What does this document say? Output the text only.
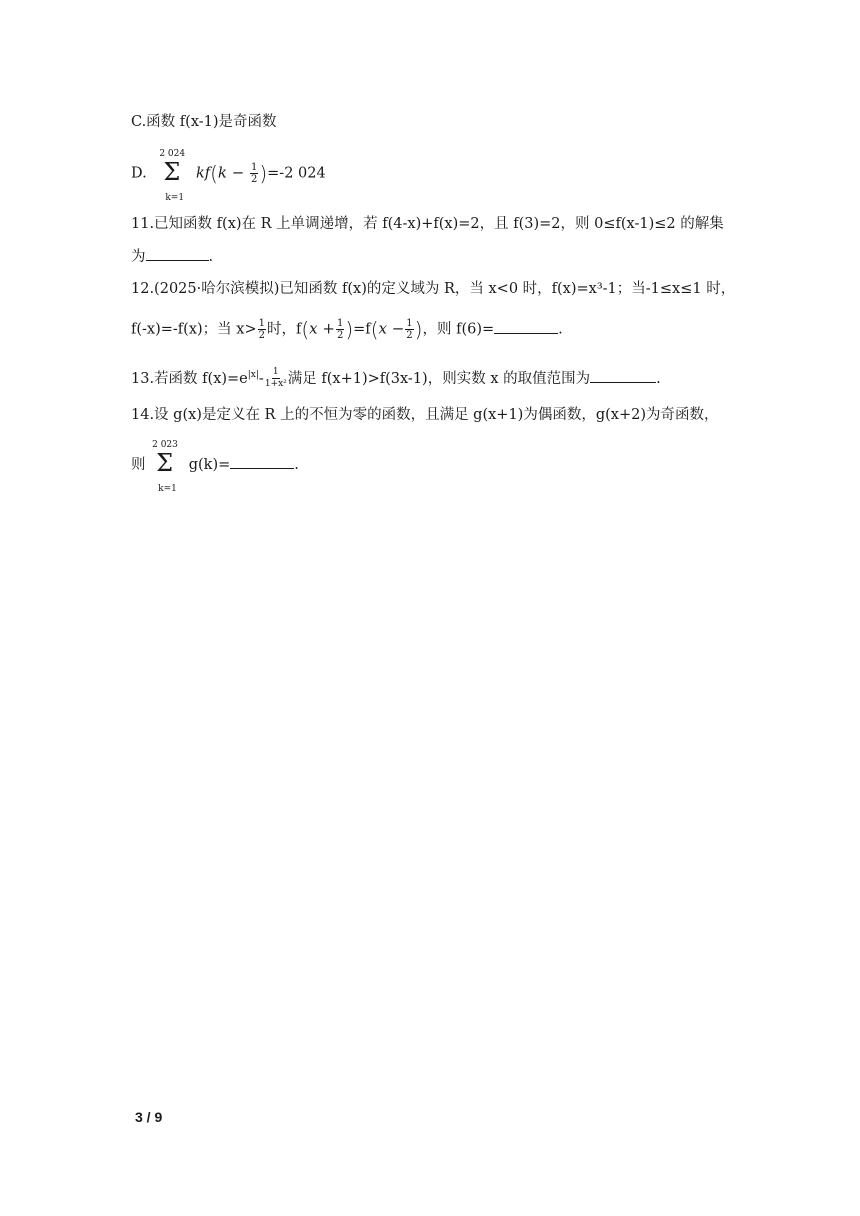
C.函数 f(x-1)是奇函数
D.
2 024
Σ
k=1
$kf(k - \frac{1}{2} )=-2$ 024
11.已知函数 f(x)在 R 上单调递增，若 f(4-x)+f(x)=2，且 f(3)=2，则 0≤f(x-1)≤2 的解集
为	.
12.(2025·哈尔滨模拟)已知函数 f(x)的定义域为 R，当 x<0 时，f(x)=x³-1；当-1≤x≤1 时，
f(-x)=-f(x)；当 $x> \frac{1}{2}$ 时，$f(x + \frac{1}{2} )=f(x - \frac{1}{2}$ )，则 f(6)=	.
13.若函数 $f(x)=e^{|x|}- \frac{1}{\text{1+x²}}$ 满足 f(x+1)>f(3x-1)，则实数 x 的取值范围为	.
14.设 g(x)是定义在 R 上的不恒为零的函数，且满足 g(x+1)为偶函数，g(x+2)为奇函数，
则
2 023
Σ
k=1
g(k)=	.
3 / 9
